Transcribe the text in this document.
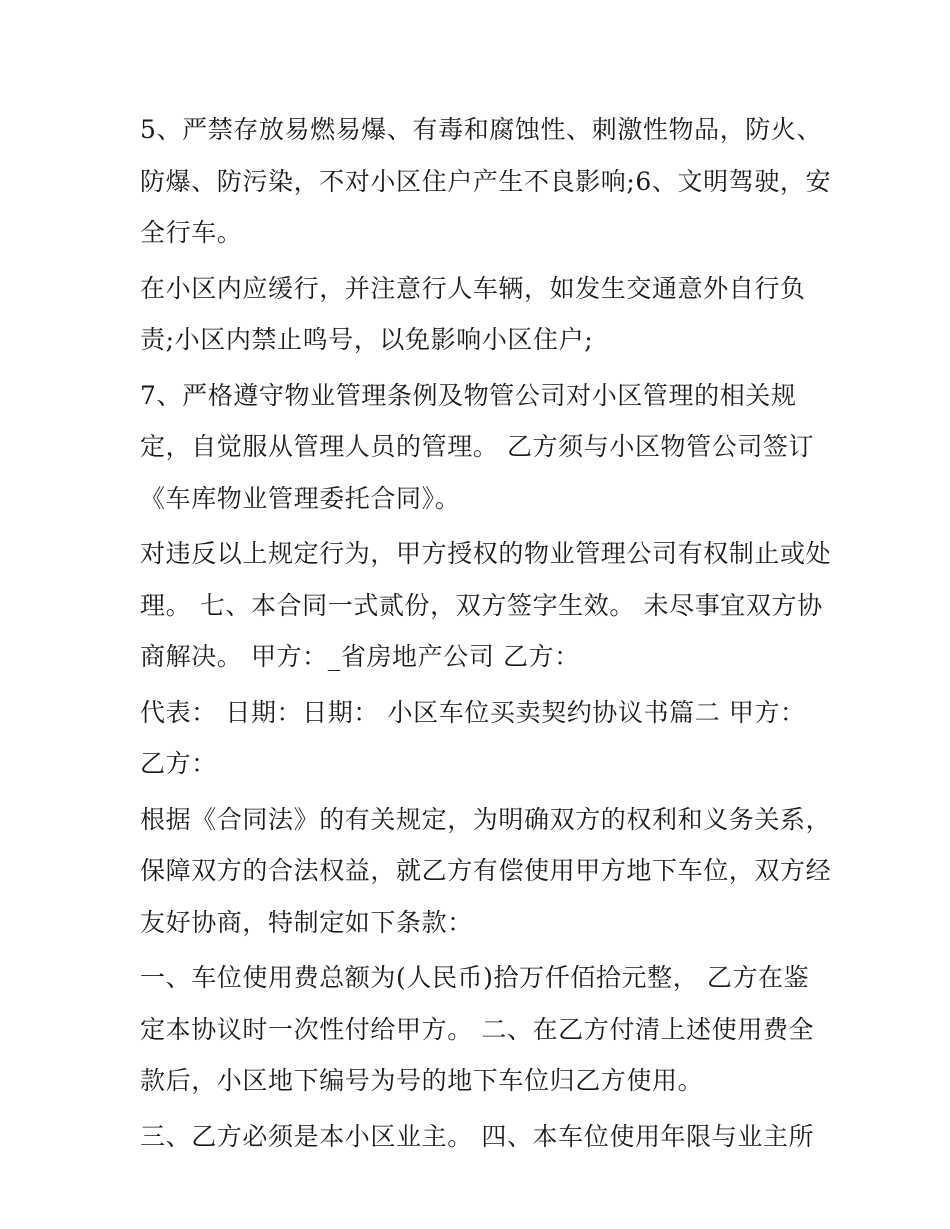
5、严禁存放易燃易爆、有毒和腐蚀性、刺激性物品，防火、
防爆、防污染，不对小区住户产生不良影响;6、文明驾驶，安
全行车。
在小区内应缓行，并注意行人车辆，如发生交通意外自行负
责;小区内禁止鸣号，以免影响小区住户;
7、严格遵守物业管理条例及物管公司对小区管理的相关规
定，自觉服从管理人员的管理。 乙方须与小区物管公司签订
《车库物业管理委托合同》。
对违反以上规定行为，甲方授权的物业管理公司有权制止或处
理。 七、本合同一式贰份，双方签字生效。 未尽事宜双方协
商解决。 甲方：_省房地产公司 乙方：
代表： 日期：日期： 小区车位买卖契约协议书篇二 甲方：
乙方：
根据《合同法》的有关规定，为明确双方的权利和义务关系，
保障双方的合法权益，就乙方有偿使用甲方地下车位，双方经
友好协商，特制定如下条款：
一、车位使用费总额为(人民币)拾万仟佰拾元整， 乙方在鉴
定本协议时一次性付给甲方。 二、在乙方付清上述使用费全
款后，小区地下编号为号的地下车位归乙方使用。
三、乙方必须是本小区业主。 四、本车位使用年限与业主所
